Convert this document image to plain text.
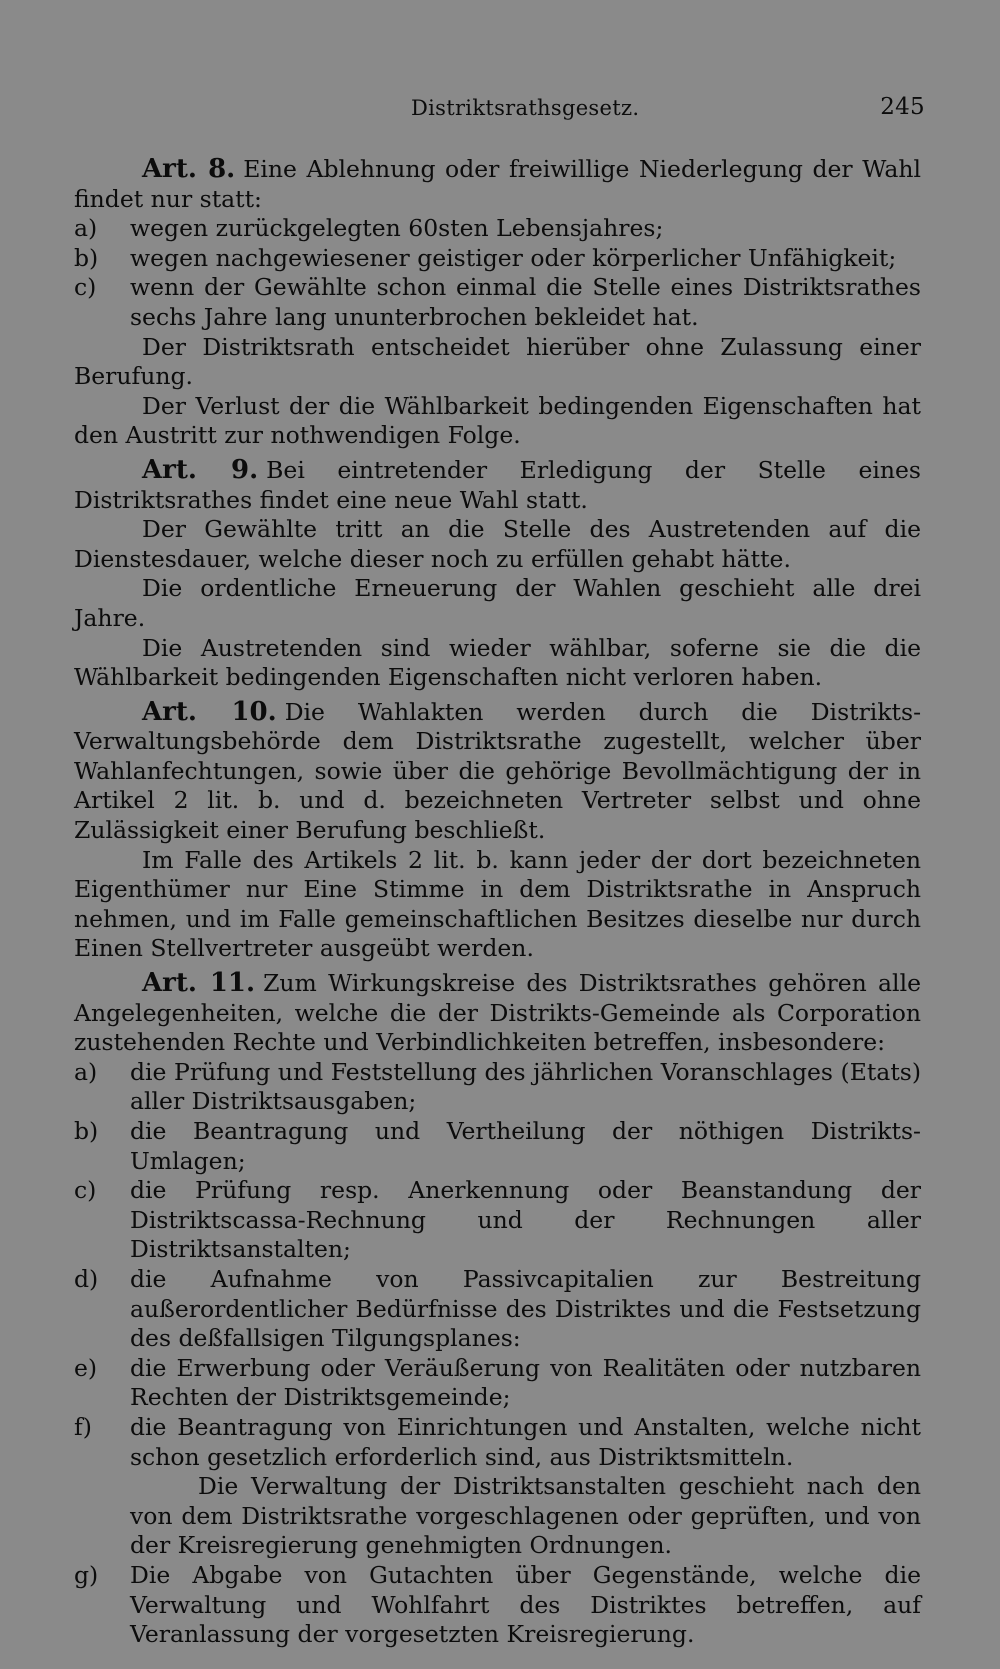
Distriktsrathsgesetz.	245

Art. 8. Eine Ablehnung oder freiwillige Niederlegung der Wahl findet nur statt:

a)	wegen zurückgelegten 60sten Lebensjahres;
b)	wegen nachgewiesener geistiger oder körperlicher Unfähigkeit;
c)	wenn der Gewählte schon einmal die Stelle eines Distriktsrathes sechs Jahre lang ununterbrochen bekleidet hat.

Der Distriktsrath entscheidet hierüber ohne Zulassung einer Berufung.

Der Verlust der die Wählbarkeit bedingenden Eigenschaften hat den Austritt zur nothwendigen Folge.

Art. 9. Bei eintretender Erledigung der Stelle eines Distriktsrathes findet eine neue Wahl statt.

Der Gewählte tritt an die Stelle des Austretenden auf die Dienstesdauer, welche dieser noch zu erfüllen gehabt hätte.

Die ordentliche Erneuerung der Wahlen geschieht alle drei Jahre.

Die Austretenden sind wieder wählbar, soferne sie die die Wählbarkeit bedingenden Eigenschaften nicht verloren haben.

Art. 10. Die Wahlakten werden durch die Distrikts-Verwaltungsbehörde dem Distriktsrathe zugestellt, welcher über Wahlanfechtungen, sowie über die gehörige Bevollmächtigung der in Artikel 2 lit. b. und d. bezeichneten Vertreter selbst und ohne Zulässigkeit einer Berufung beschließt.

Im Falle des Artikels 2 lit. b. kann jeder der dort bezeichneten Eigenthümer nur Eine Stimme in dem Distriktsrathe in Anspruch nehmen, und im Falle gemeinschaftlichen Besitzes dieselbe nur durch Einen Stellvertreter ausgeübt werden.

Art. 11. Zum Wirkungskreise des Distriktsrathes gehören alle Angelegenheiten, welche die der Distrikts-Gemeinde als Corporation zustehenden Rechte und Verbindlichkeiten betreffen, insbesondere:

a)	die Prüfung und Feststellung des jährlichen Voranschlages (Etats) aller Distriktsausgaben;
b)	die Beantragung und Vertheilung der nöthigen Distrikts-Umlagen;
c)	die Prüfung resp. Anerkennung oder Beanstandung der Distriktscassa-Rechnung und der Rechnungen aller Distriktsanstalten;
d)	die Aufnahme von Passivcapitalien zur Bestreitung außerordentlicher Bedürfnisse des Distriktes und die Festsetzung des deßfallsigen Tilgungsplanes:
e)	die Erwerbung oder Veräußerung von Realitäten oder nutzbaren Rechten der Distriktsgemeinde;
f)	die Beantragung von Einrichtungen und Anstalten, welche nicht schon gesetzlich erforderlich sind, aus Distriktsmitteln.

Die Verwaltung der Distriktsanstalten geschieht nach den von dem Distriktsrathe vorgeschlagenen oder geprüften, und von der Kreisregierung genehmigten Ordnungen.

g)	Die Abgabe von Gutachten über Gegenstände, welche die Verwaltung und Wohlfahrt des Distriktes betreffen, auf Veranlassung der vorgesetzten Kreisregierung.
